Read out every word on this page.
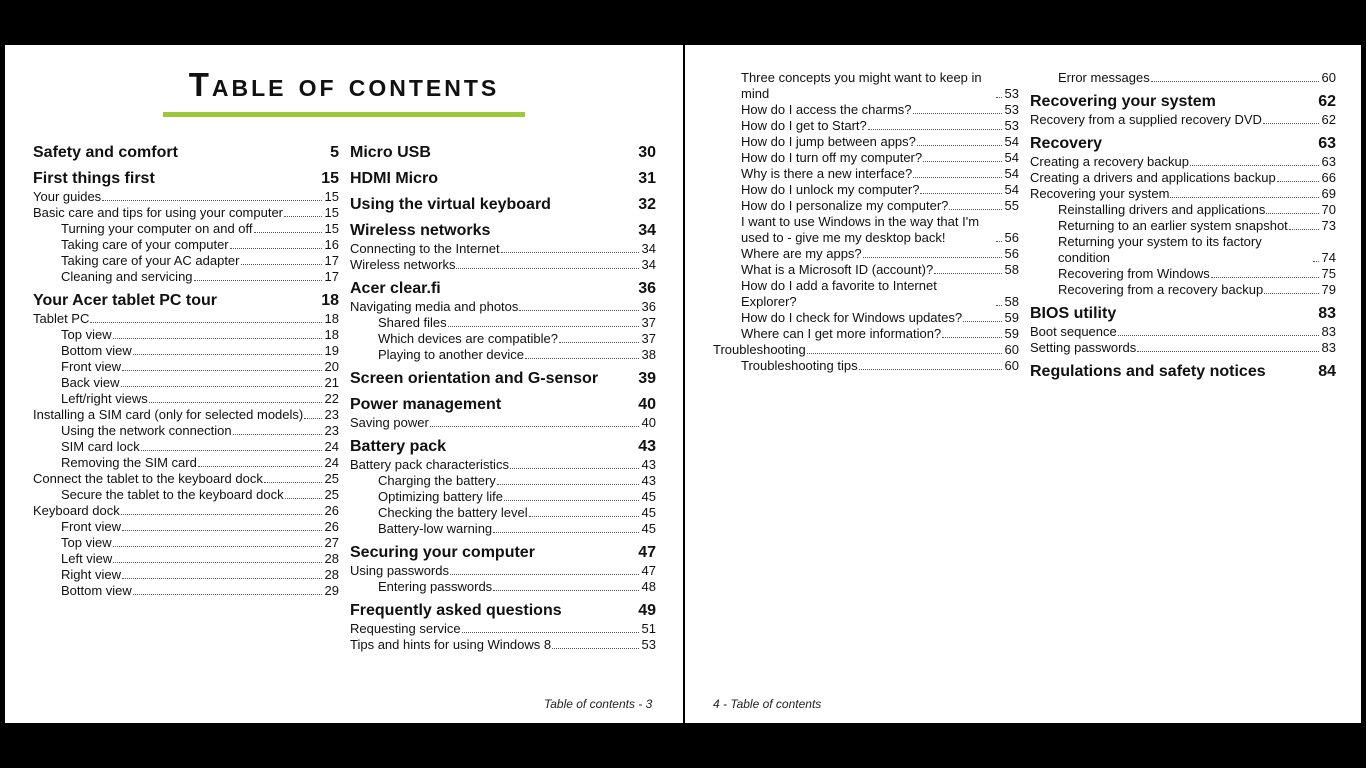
Table of contents
Safety and comfort	5
First things first	15
Your guides	15
Basic care and tips for using your computer	15
Turning your computer on and off	15
Taking care of your computer	16
Taking care of your AC adapter	17
Cleaning and servicing	17
Your Acer tablet PC tour	18
Tablet PC	18
Top view	18
Bottom view	19
Front view	20
Back view	21
Left/right views	22
Installing a SIM card (only for selected models) 23
Using the network connection	23
SIM card lock	24
Removing the SIM card	24
Connect the tablet to the keyboard dock	25
Secure the tablet to the keyboard dock	25
Keyboard dock	26
Front view	26
Top view	27
Left view	28
Right view	28
Bottom view	29
Micro USB	30
HDMI Micro	31
Using the virtual keyboard	32
Wireless networks	34
Connecting to the Internet	34
Wireless networks	34
Acer clear.fi	36
Navigating media and photos	36
Shared files	37
Which devices are compatible?	37
Playing to another device	38
Screen orientation and G-sensor	39
Power management	40
Saving power	40
Battery pack	43
Battery pack characteristics	43
Charging the battery	43
Optimizing battery life	45
Checking the battery level	45
Battery-low warning	45
Securing your computer	47
Using passwords	47
Entering passwords	48
Frequently asked questions	49
Requesting service	51
Tips and hints for using Windows 8	53
Table of contents - 3
Three concepts you might want to keep in mind	53
How do I access the charms?	53
How do I get to Start?	53
How do I jump between apps?	54
How do I turn off my computer?	54
Why is there a new interface?	54
How do I unlock my computer?	54
How do I personalize my computer?	55
I want to use Windows in the way that I'm used to - give me my desktop back!	56
Where are my apps?	56
What is a Microsoft ID (account)?	58
How do I add a favorite to Internet Explorer?	58
How do I check for Windows updates?	59
Where can I get more information?	59
Troubleshooting	60
Troubleshooting tips	60
Error messages	60
Recovering your system	62
Recovery from a supplied recovery DVD	62
Recovery	63
Creating a recovery backup	63
Creating a drivers and applications backup	66
Recovering your system	69
Reinstalling drivers and applications	70
Returning to an earlier system snapshot	73
Returning your system to its factory condition	74
Recovering from Windows	75
Recovering from a recovery backup	79
BIOS utility	83
Boot sequence	83
Setting passwords	83
Regulations and safety notices	84
4 - Table of contents
